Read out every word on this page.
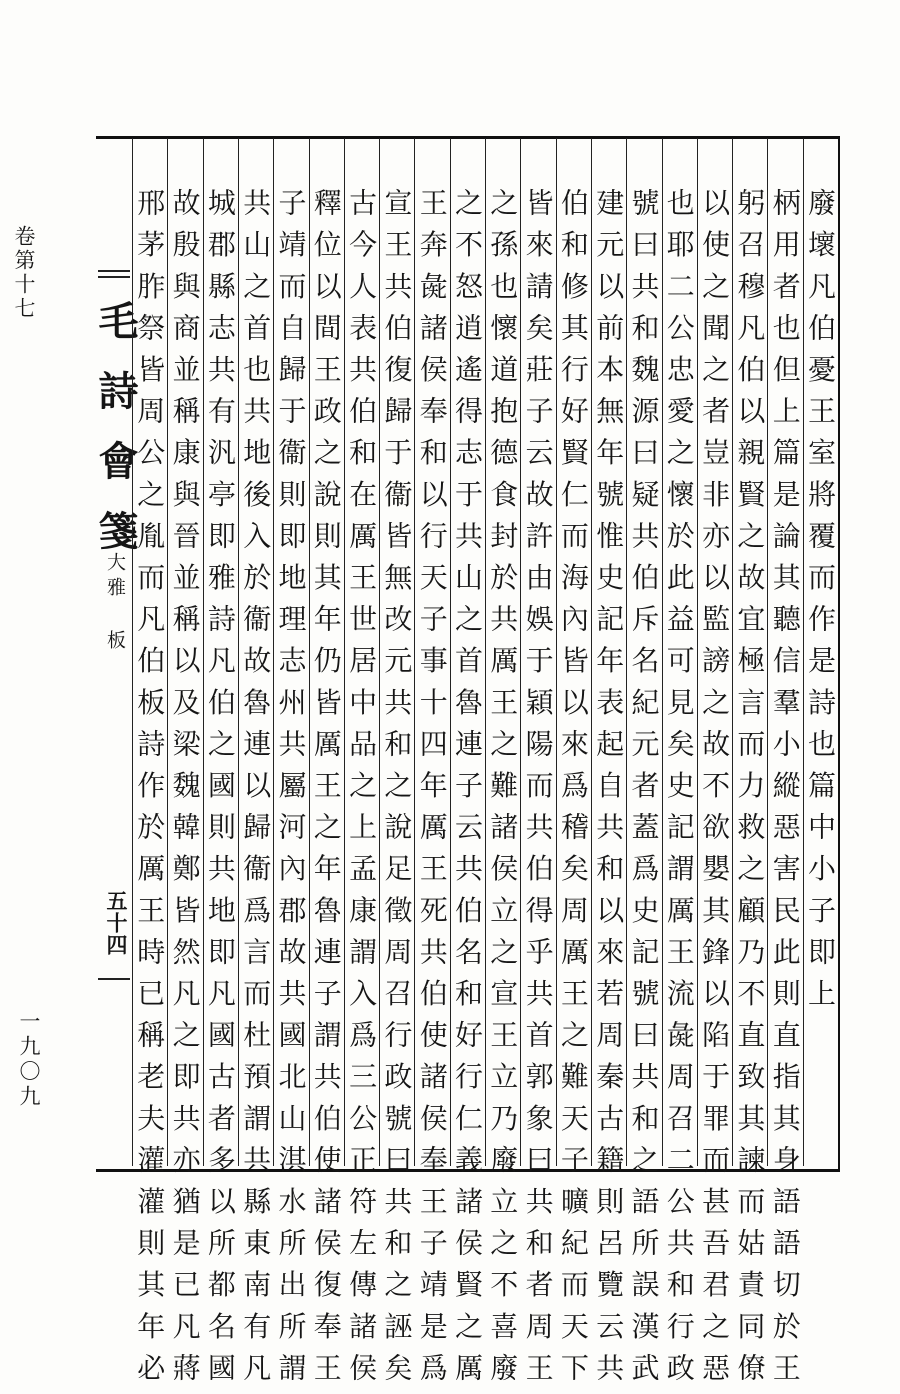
卷第十七
一九〇九
毛詩會箋
大雅 板
五十四	廢壞凡伯憂王室將覆而作是詩也篇中小子即上
柄用者也但上篇是論其聽信羣小縱惡害民此則直指其身語語切於王
躬召穆凡伯以親賢之故宜極言而力救之顧乃不直致其諫而姑責同僚
以使之聞之者豈非亦以監謗之故不欲嬰其鋒以陷于罪而甚吾君之惡
也耶二公忠愛之懷於此益可見矣史記謂厲王流彘周召二公共和行政
號曰共和魏源曰疑共伯斥名紀元者蓋爲史記號曰共和之語所誤漢武
建元以前本無年號惟史記年表起自共和以來若周秦古籍則呂覽云共
伯和修其行好賢仁而海內皆以來爲稽矣周厲王之難天子曠紀而天下
皆來請矣莊子云故許由娛于穎陽而共伯得乎共首郭象曰共和者周王
之孫也懷道抱德食封於共厲王之難諸侯立之宣王立乃廢立之不喜廢
之不怒逍遙得志于共山之首魯連子云共伯名和好行仁義諸侯賢之厲
王奔彘諸侯奉和以行天子事十四年厲王死共伯使諸侯奉王子靖是爲
宣王共伯復歸于衞皆無改元共和之說足徵周召行政號曰共和之誣矣
古今人表共伯和在厲王世居中品之上孟康謂入爲三公正符左傳諸侯
釋位以間王政之說則其年仍皆厲王之年魯連子謂共伯使諸侯復奉王
子靖而自歸于衞則即地理志州共屬河內郡故共國北山淇水所出所謂
共山之首也共地後入於衞故魯連以歸衞爲言而杜預謂共縣東南有凡
城郡縣志共有汎亭即雅詩凡伯之國則共地即凡國古者多以所都名國
故殷與商並稱康與晉並稱以及梁魏韓鄭皆然凡之即共亦猶是已凡蔣
邢茅胙祭皆周公之胤而凡伯板詩作於厲王時已稱老夫灌灌則其年必
